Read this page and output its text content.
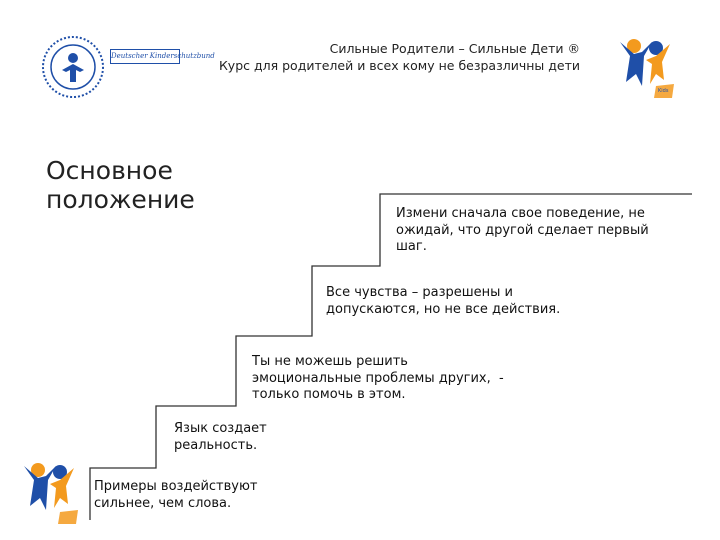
Deutscher Kinderschutzbund	Сильные Родители – Сильные Дети ®
Курс для родителей и всех кому не безразличны дети
Kids
Основное
положение	Измени сначала свое поведение, не
ожидай, что другой сделает первый
шаг.
Все чувства – разрешены и
допускаются, но не все действия.
Ты не можешь решить
эмоциональные проблемы других,  -
только помочь в этом.
Язык создает
реальность.
Примеры воздействуют
сильнее, чем слова.
